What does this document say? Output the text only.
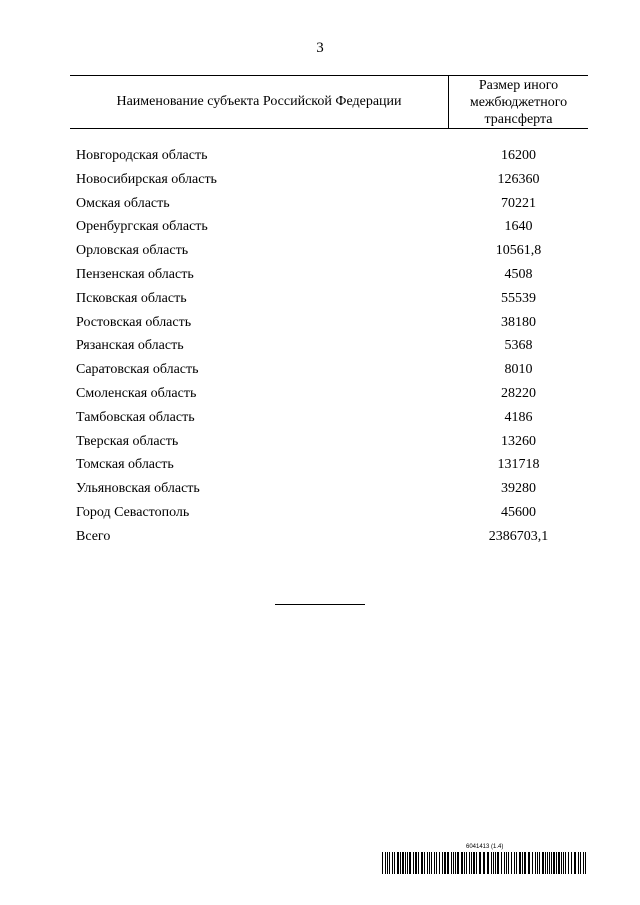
3
Наименование субъекта Российской Федерации
Размер иного
межбюджетного
трансферта
Новгородская область	16200
Новосибирская область	126360
Омская область	70221
Оренбургская область	1640
Орловская область	10561,8
Пензенская область	4508
Псковская область	55539
Ростовская область	38180
Рязанская область	5368
Саратовская область	8010
Смоленская область	28220
Тамбовская область	4186
Тверская область	13260
Томская область	131718
Ульяновская область	39280
Город Севастополь	45600
Всего	2386703,1
6041413 (1.4)
